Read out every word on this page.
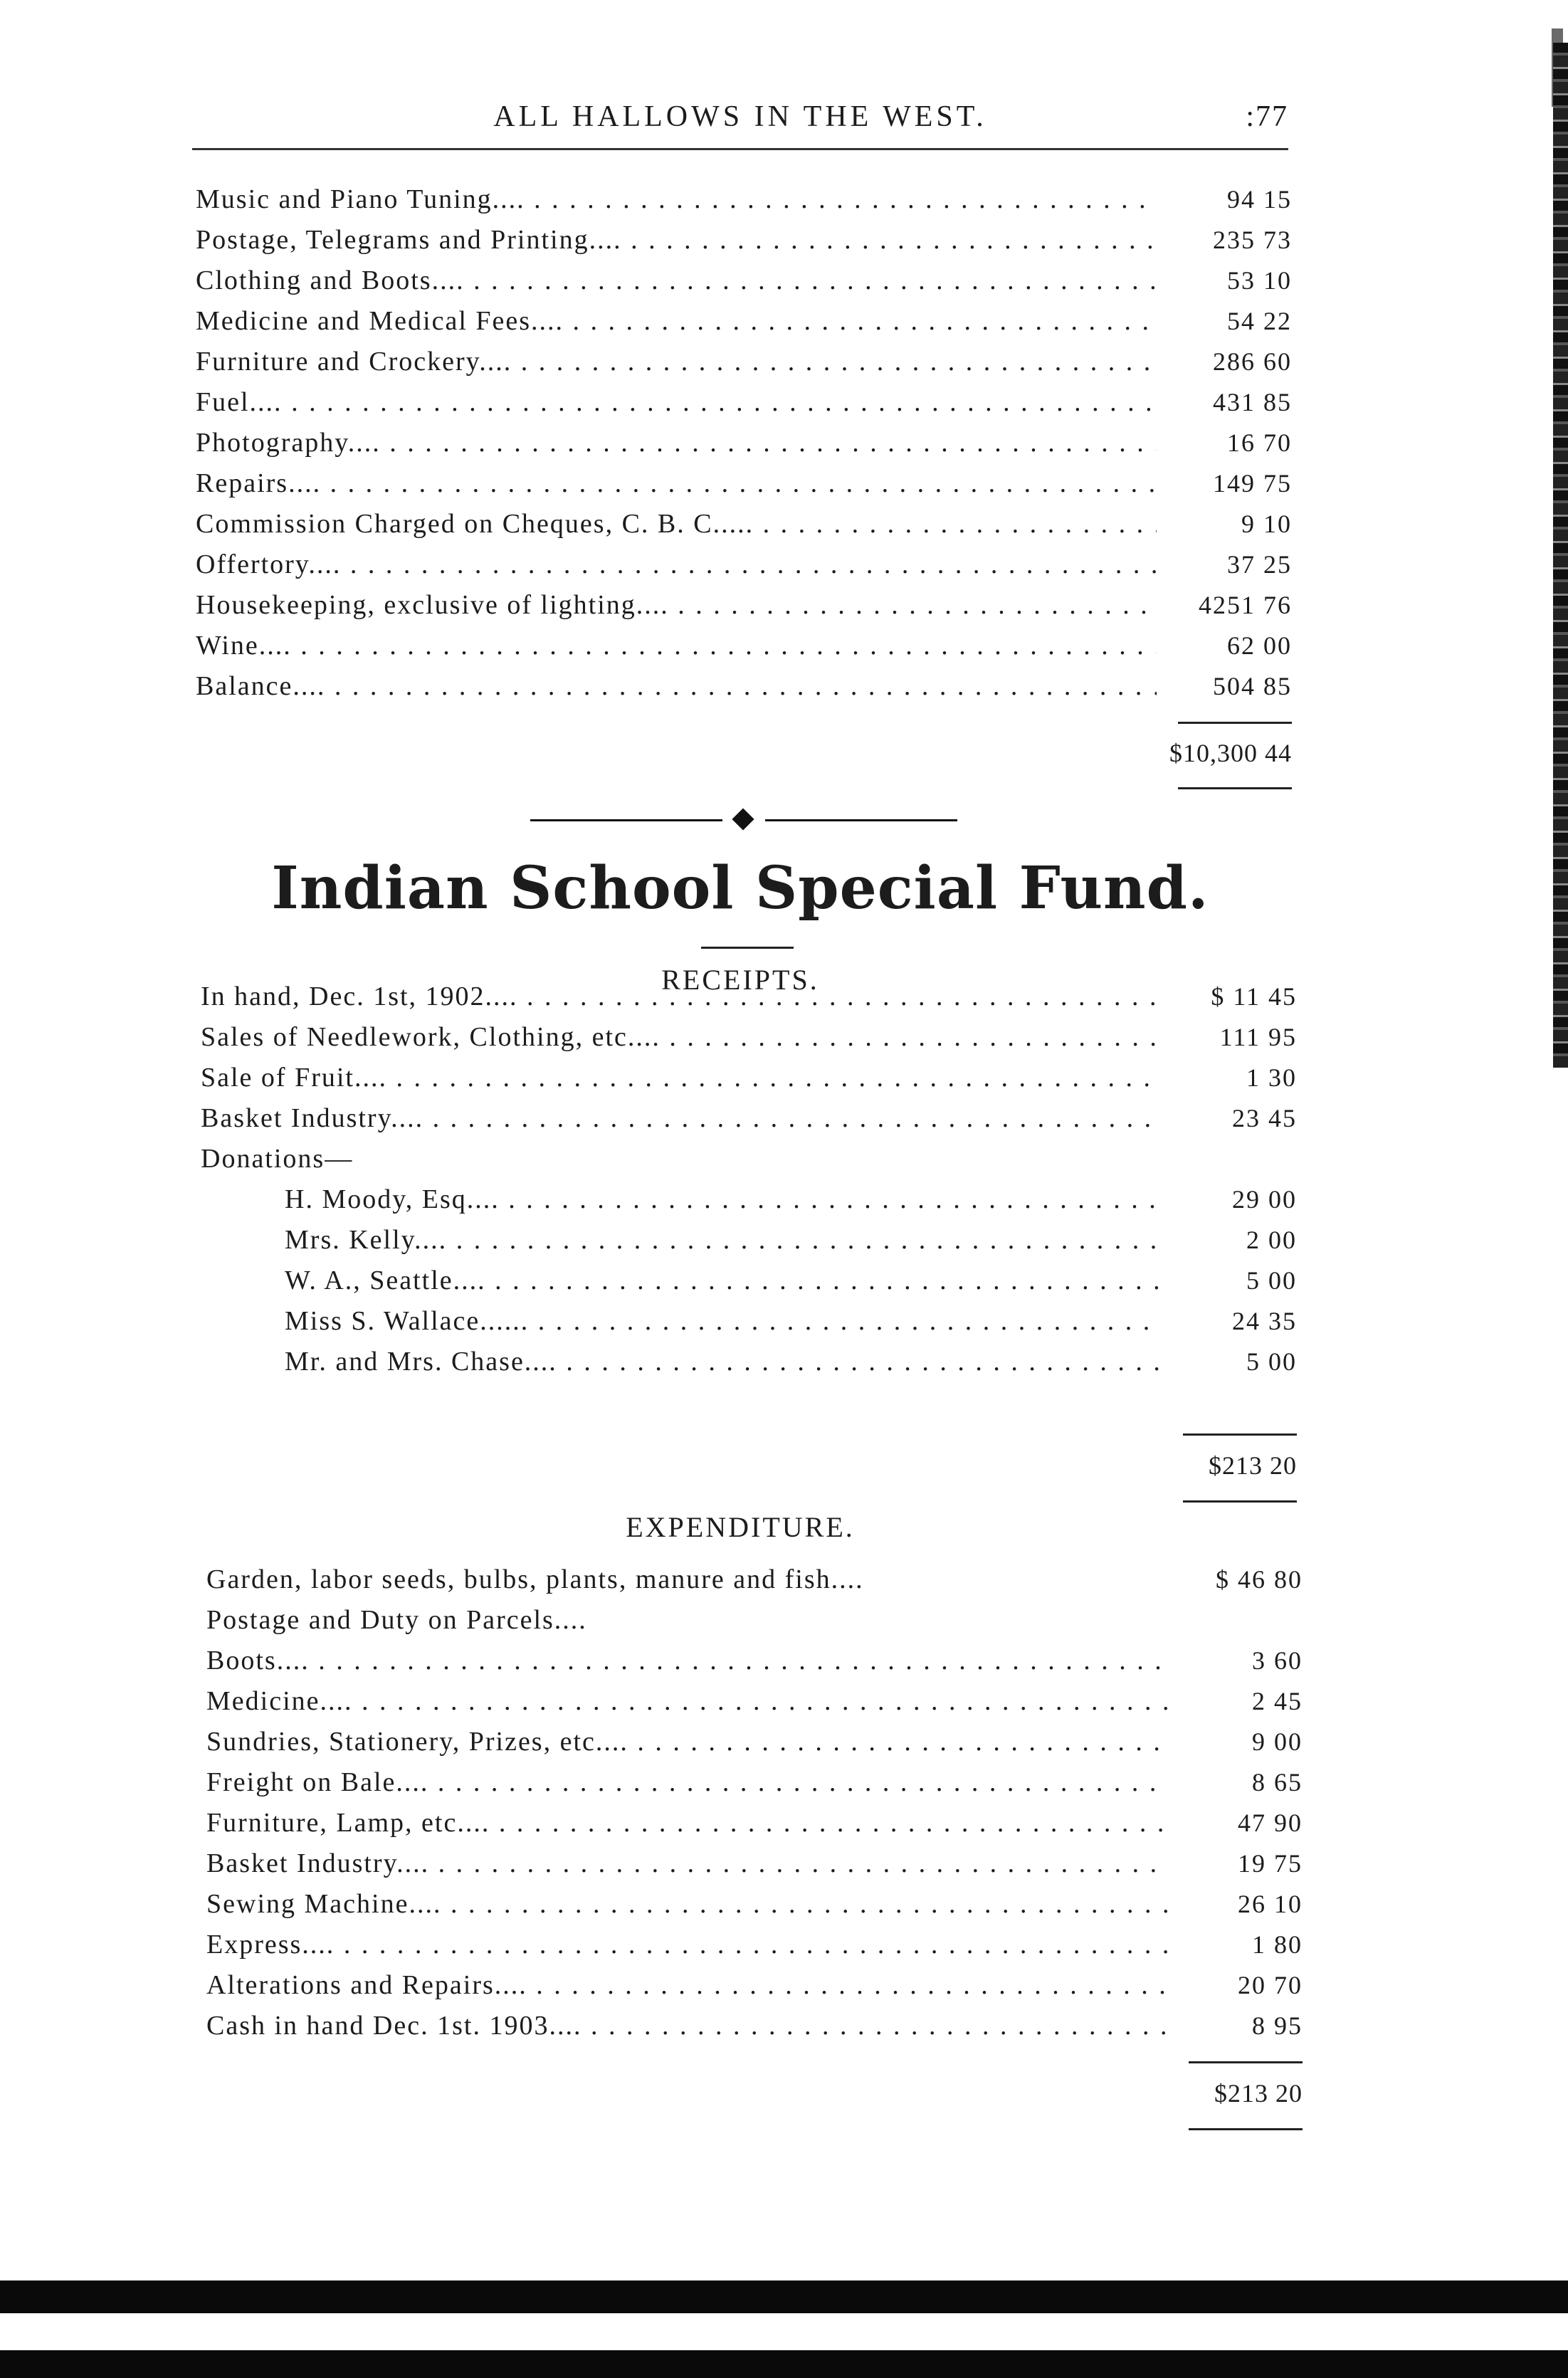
ALL HALLOWS IN THE WEST.	:77
Music and Piano Tuning.... . . .	94 15
Postage, Telegrams and Printing.... . . .	235 73
Clothing and Boots.... . . .	53 10
Medicine and Medical Fees.... . . .	54 22
Furniture and Crockery.... . . .	286 60
Fuel.... . . .	431 85
Photography.... . . .	16 70
Repairs.... . . .	149 75
Commission Charged on Cheques, C. B. C..... . . .	9 10
Offertory.... . . .	37 25
Housekeeping, exclusive of lighting.... . . .	4251 76
Wine.... . . .	62 00
Balance.... . . .	504 85
$10,300 44
Indian School Special Fund.
RECEIPTS.
In hand, Dec. 1st, 1902.... . . .	$ 11 45
Sales of Needlework, Clothing, etc.... . . .	111 95
Sale of Fruit.... . . .	1 30
Basket Industry.... . . .	23 45
Donations—
H. Moody, Esq.... . . .	29 00
Mrs. Kelly.... . . .	2 00
W. A., Seattle.... . . .	5 00
Miss S. Wallace...... . . .	24 35
Mr. and Mrs. Chase.... . . .	5 00
$213 20
EXPENDITURE.
Garden, labor seeds, bulbs, plants, manure and fish....	$ 46 80
Postage and Duty on Parcels....
Boots.... . . .	3 60
Medicine.... . . .	2 45
Sundries, Stationery, Prizes, etc.... . . .	9 00
Freight on Bale.... . . .	8 65
Furniture, Lamp, etc.... . . .	47 90
Basket Industry.... . . .	19 75
Sewing Machine.... . . .	26 10
Express.... . . .	1 80
Alterations and Repairs.... . . .	20 70
Cash in hand Dec. 1st. 1903.... . . .	8 95
$213 20
